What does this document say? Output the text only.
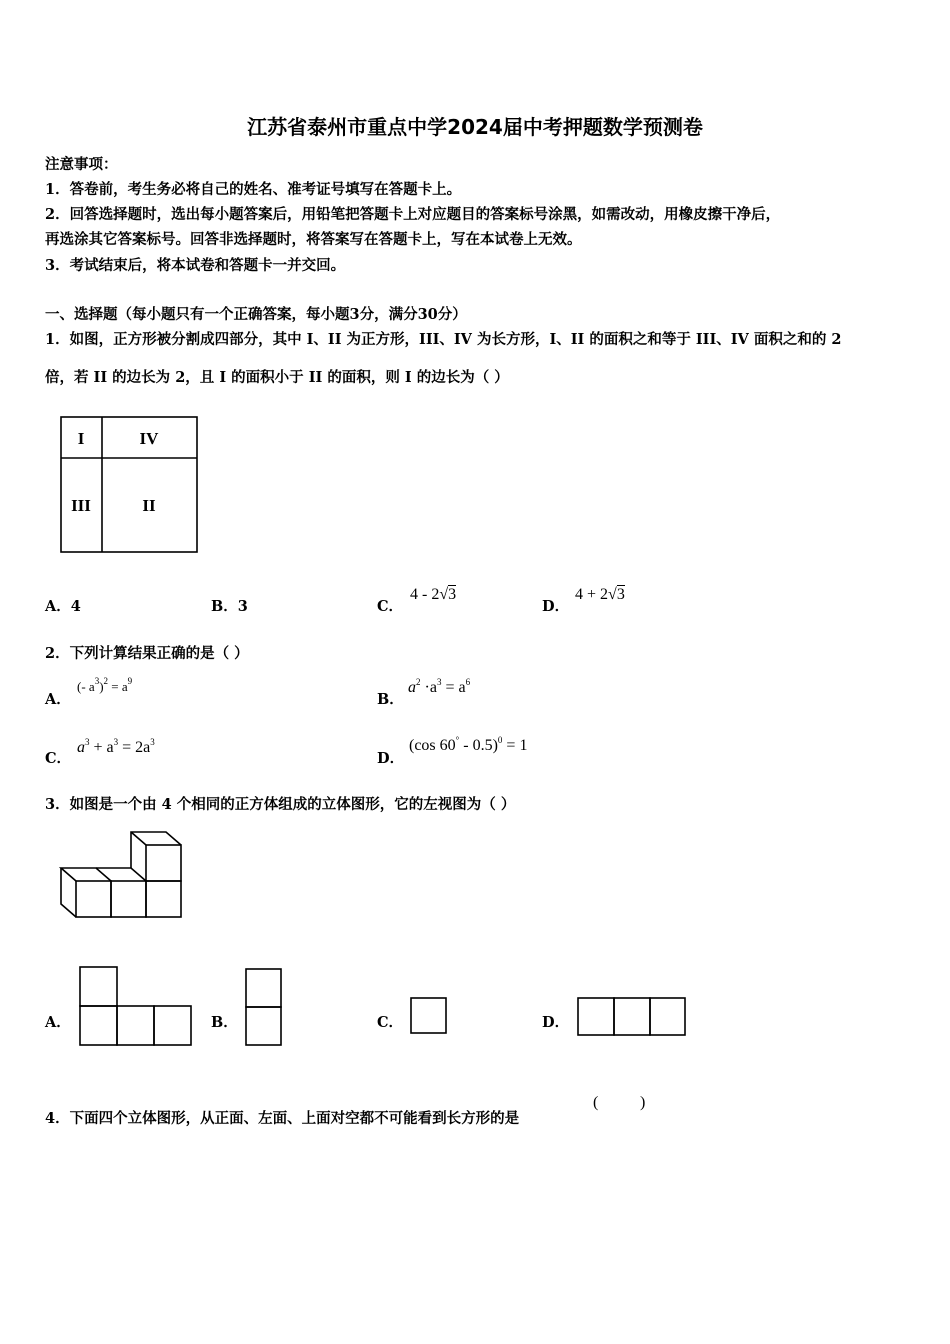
江苏省泰州市重点中学2024届中考押题数学预测卷
注意事项：
1．答卷前，考生务必将自己的姓名、准考证号填写在答题卡上。
2．回答选择题时，选出每小题答案后，用铅笔把答题卡上对应题目的答案标号涂黑，如需改动，用橡皮擦干净后，
再选涂其它答案标号。回答非选择题时，将答案写在答题卡上，写在本试卷上无效。
3．考试结束后，将本试卷和答题卡一并交回。
一、选择题（每小题只有一个正确答案，每小题3分，满分30分）
1．如图，正方形被分割成四部分，其中 I、II 为正方形，III、IV 为长方形，I、II 的面积之和等于 III、IV 面积之和的 2
倍，若 II 的边长为 2，且 I 的面积小于 II 的面积，则 I 的边长为（ ）
I	IV
III	II
A．4	B．3	C．
4 - 2√3
D．
4 + 2√3
2．下列计算结果正确的是（ ）
A．
(- $a^3)^2 = a^9$
B．
$a^2 \cdot a^3 = a^6$
C．
$a^3 + a^3 = 2a^3$
D．
(cos 60° - 0.5)$^0$ = 1
3．如图是一个由 4 个相同的正方体组成的立体图形，它的左视图为（ ）
A．	B．	C．	D．
4．下面四个立体图形，从正面、左面、上面对空都不可能看到长方形的是
(	)
